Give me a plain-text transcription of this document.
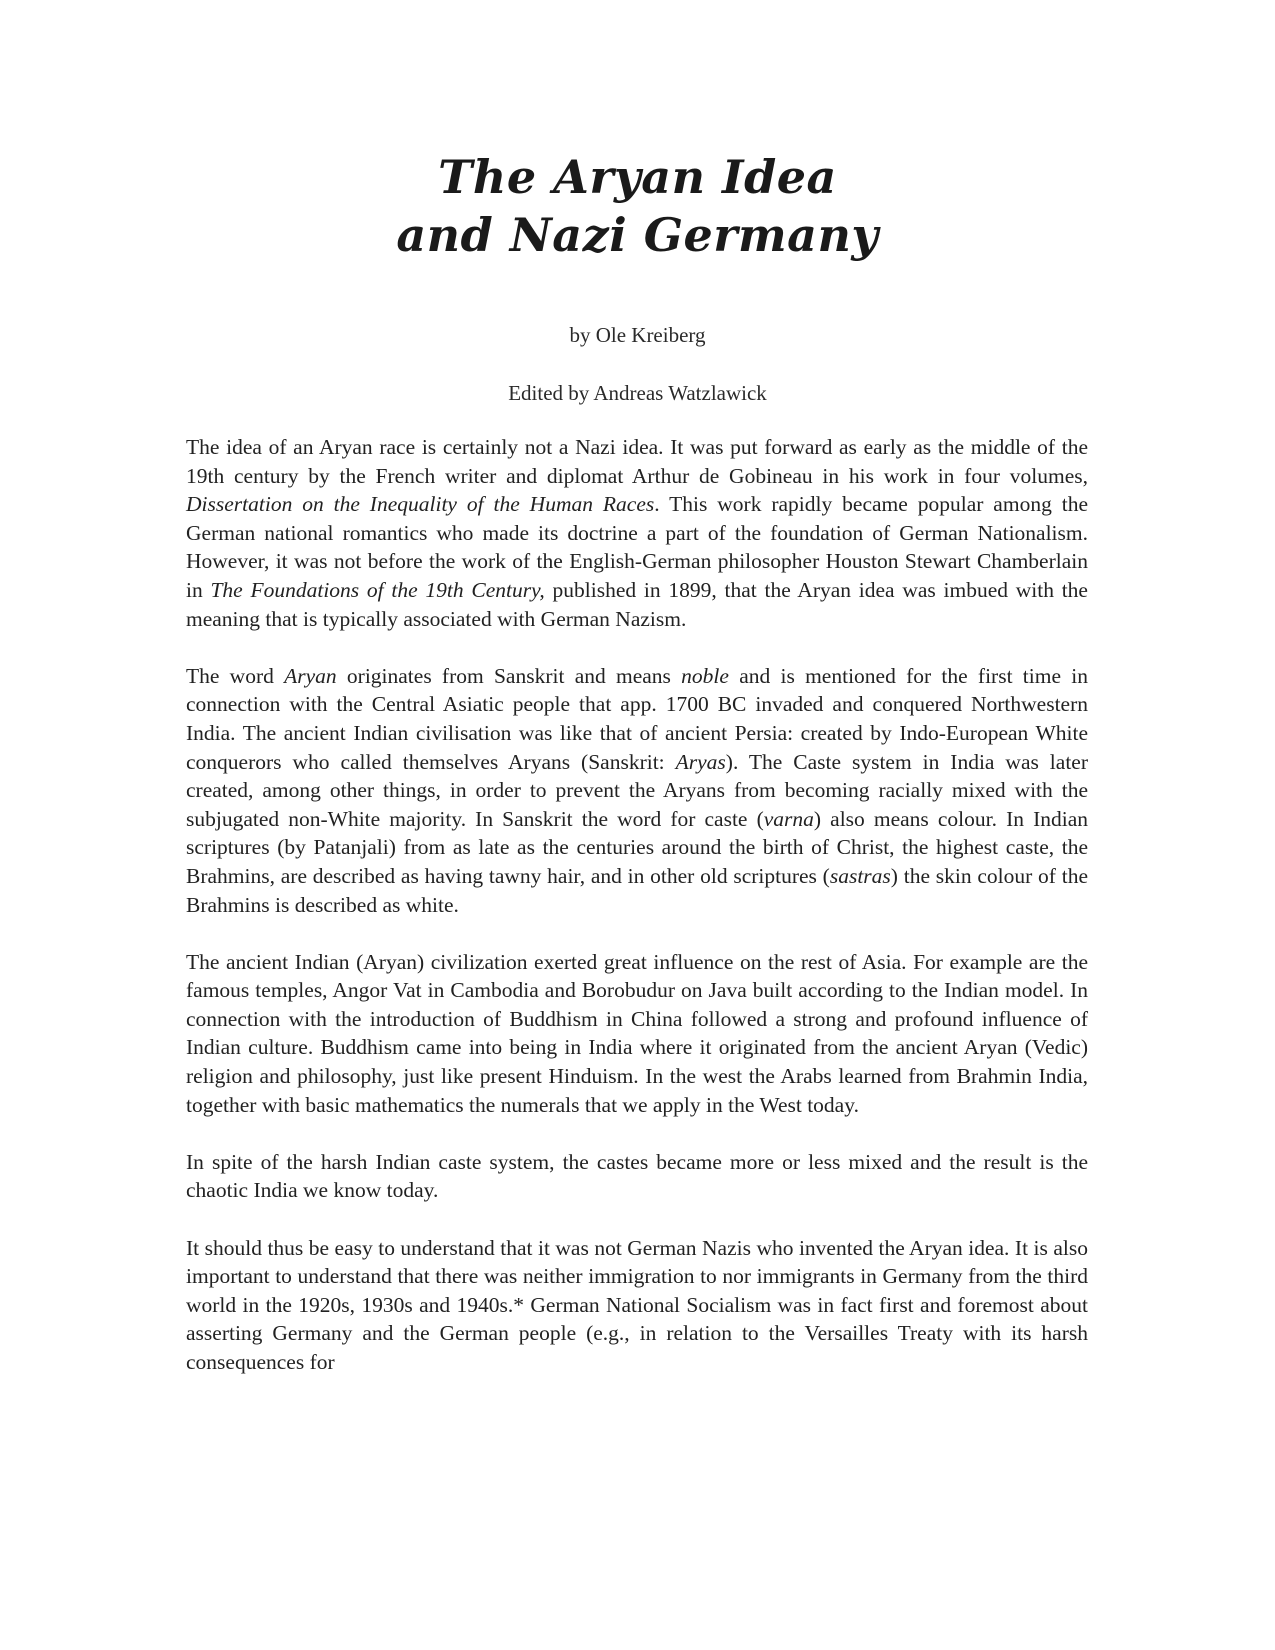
The Aryan Idea
and Nazi Germany
by Ole Kreiberg
Edited by Andreas Watzlawick

The idea of an Aryan race is certainly not a Nazi idea. It was put forward as early as the middle of the 19th century by the French writer and diplomat Arthur de Gobineau in his work in four volumes, Dissertation on the Inequality of the Human Races. This work rapidly became popular among the German national romantics who made its doctrine a part of the foundation of German Nationalism. However, it was not before the work of the English-German philosopher Houston Stewart Chamberlain in The Foundations of the 19th Century, published in 1899, that the Aryan idea was imbued with the meaning that is typically associated with German Nazism.

The word Aryan originates from Sanskrit and means noble and is mentioned for the first time in connection with the Central Asiatic people that app. 1700 BC invaded and conquered Northwestern India. The ancient Indian civilisation was like that of ancient Persia: created by Indo-European White conquerors who called themselves Aryans (Sanskrit: Aryas). The Caste system in India was later created, among other things, in order to prevent the Aryans from becoming racially mixed with the subjugated non-White majority. In Sanskrit the word for caste (varna) also means colour. In Indian scriptures (by Patanjali) from as late as the centuries around the birth of Christ, the highest caste, the Brahmins, are described as having tawny hair, and in other old scriptures (sastras) the skin colour of the Brahmins is described as white.

The ancient Indian (Aryan) civilization exerted great influence on the rest of Asia. For example are the famous temples, Angor Vat in Cambodia and Borobudur on Java built according to the Indian model. In connection with the introduction of Buddhism in China followed a strong and profound influence of Indian culture. Buddhism came into being in India where it originated from the ancient Aryan (Vedic) religion and philosophy, just like present Hinduism. In the west the Arabs learned from Brahmin India, together with basic mathematics the numerals that we apply in the West today.

In spite of the harsh Indian caste system, the castes became more or less mixed and the result is the chaotic India we know today.

It should thus be easy to understand that it was not German Nazis who invented the Aryan idea. It is also important to understand that there was neither immigration to nor immigrants in Germany from the third world in the 1920s, 1930s and 1940s.* German National Socialism was in fact first and foremost about asserting Germany and the German people (e.g., in relation to the Versailles Treaty with its harsh consequences for
